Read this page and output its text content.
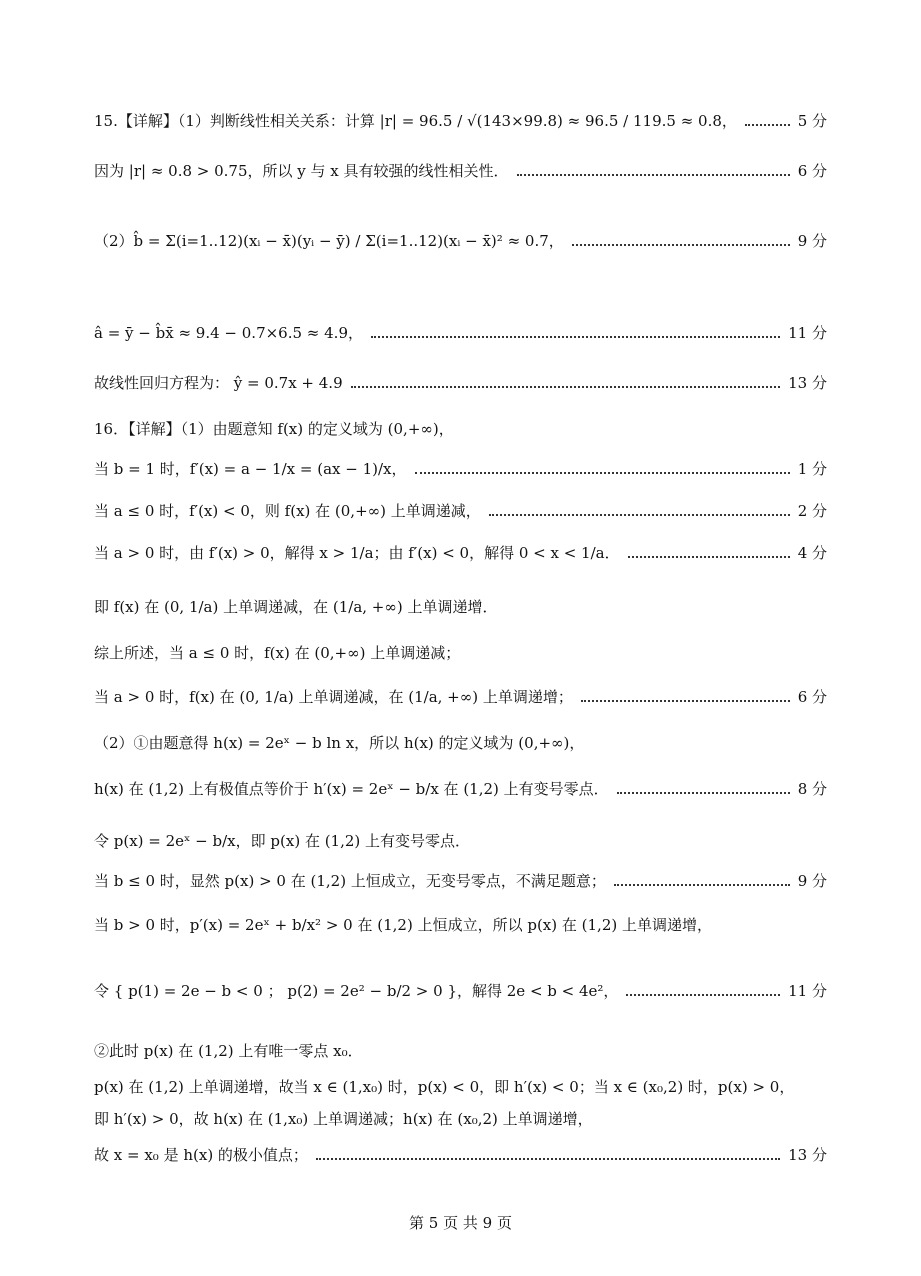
15.【详解】（1）判断线性相关关系：计算 |r| = 96.5 / √(143×99.8) ≈ 96.5 / 119.5 ≈ 0.8，	5 分
因为 |r| ≈ 0.8 > 0.75，所以 y 与 x 具有较强的线性相关性．	6 分
（2）b̂ = Σ(i=1..12)(xᵢ − x̄)(yᵢ − ȳ) / Σ(i=1..12)(xᵢ − x̄)² ≈ 0.7，	9 分
â = ȳ − b̂x̄ ≈ 9.4 − 0.7×6.5 ≈ 4.9，	11 分
故线性回归方程为： ŷ = 0.7x + 4.9	13 分
16．【详解】（1）由题意知 f(x) 的定义域为 (0,+∞)，
当 b = 1 时，f′(x) = a − 1/x = (ax − 1)/x，	1 分
当 a ≤ 0 时，f′(x) < 0，则 f(x) 在 (0,+∞) 上单调递减，	2 分
当 a > 0 时，由 f′(x) > 0，解得 x > 1/a；由 f′(x) < 0，解得 0 < x < 1/a．	4 分
即 f(x) 在 (0, 1/a) 上单调递减，在 (1/a, +∞) 上单调递增．
综上所述，当 a ≤ 0 时，f(x) 在 (0,+∞) 上单调递减；
当 a > 0 时，f(x) 在 (0, 1/a) 上单调递减，在 (1/a, +∞) 上单调递增；	6 分
（2）①由题意得 h(x) = 2eˣ − b ln x，所以 h(x) 的定义域为 (0,+∞)，
h(x) 在 (1,2) 上有极值点等价于 h′(x) = 2eˣ − b/x 在 (1,2) 上有变号零点．	8 分
令 p(x) = 2eˣ − b/x，即 p(x) 在 (1,2) 上有变号零点．
当 b ≤ 0 时，显然 p(x) > 0 在 (1,2) 上恒成立，无变号零点，不满足题意；	9 分
当 b > 0 时，p′(x) = 2eˣ + b/x² > 0 在 (1,2) 上恒成立，所以 p(x) 在 (1,2) 上单调递增，
令 { p(1) = 2e − b < 0 ； p(2) = 2e² − b/2 > 0 }，解得 2e < b < 4e²，	11 分
②此时 p(x) 在 (1,2) 上有唯一零点 x₀．
p(x) 在 (1,2) 上单调递增，故当 x ∈ (1,x₀) 时，p(x) < 0，即 h′(x) < 0；当 x ∈ (x₀,2) 时，p(x) > 0，
即 h′(x) > 0，故 h(x) 在 (1,x₀) 上单调递减；h(x) 在 (x₀,2) 上单调递增，
故 x = x₀ 是 h(x) 的极小值点；	13 分
第 5 页 共 9 页
